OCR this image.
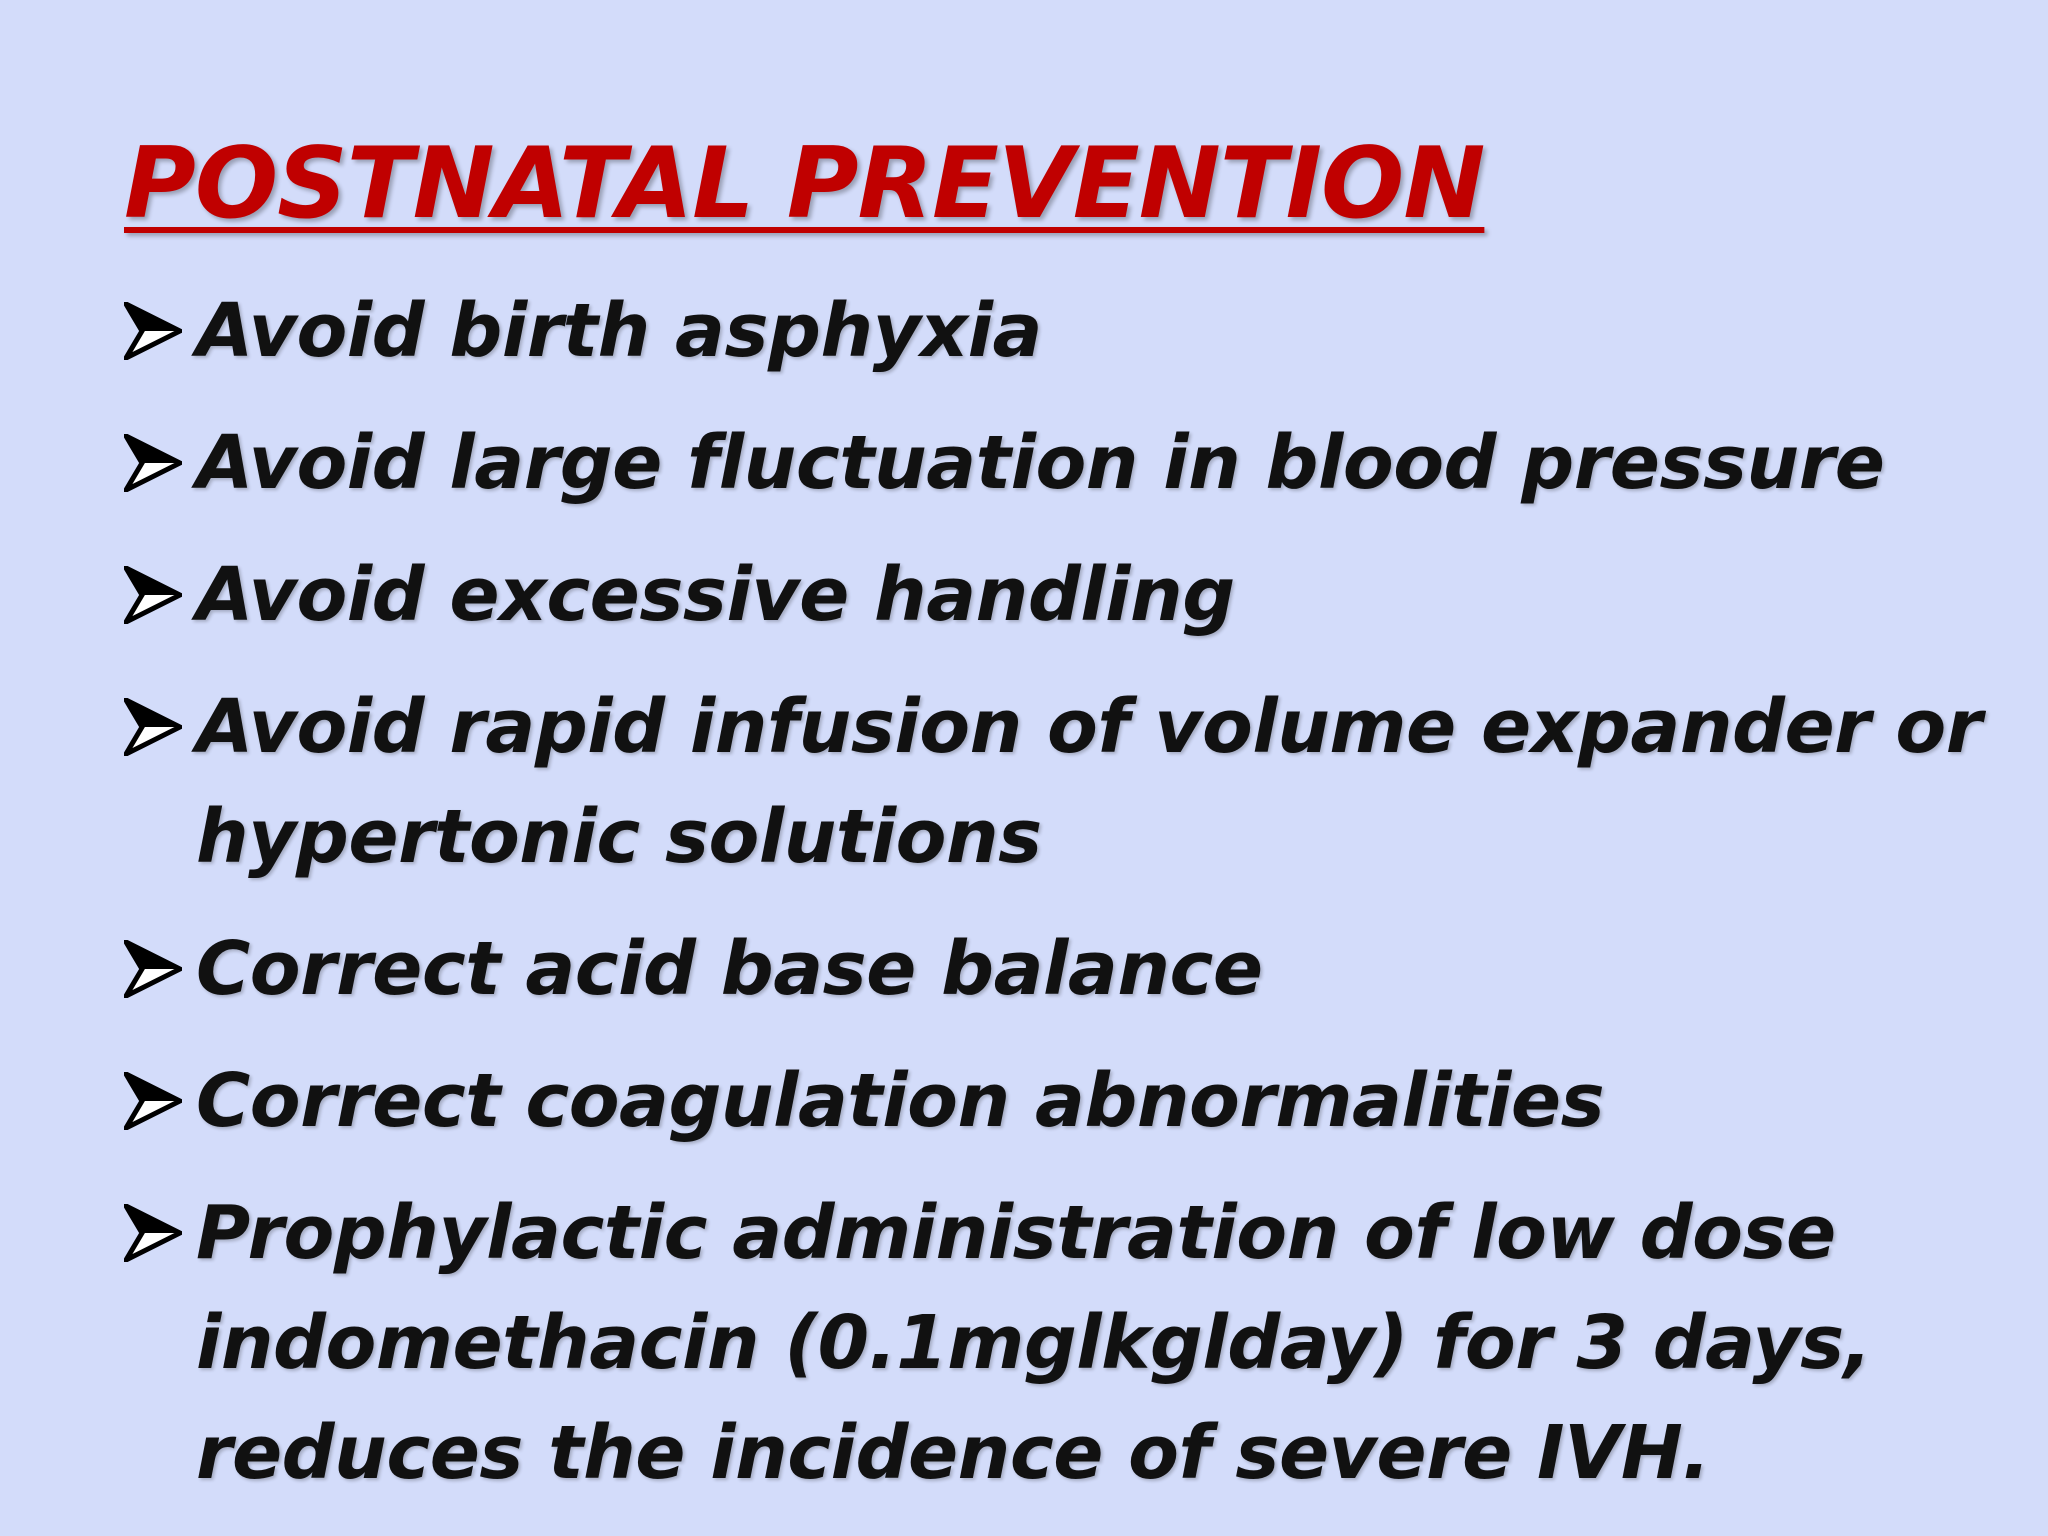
POSTNATAL PREVENTION
Avoid birth asphyxia
Avoid large fluctuation in blood pressure
Avoid excessive handling
Avoid rapid infusion of volume expander or
hypertonic solutions
Correct acid base balance
Correct coagulation abnormalities
Prophylactic administration of low dose
indomethacin (0.1mglkglday) for 3 days,
reduces the incidence of severe IVH.
